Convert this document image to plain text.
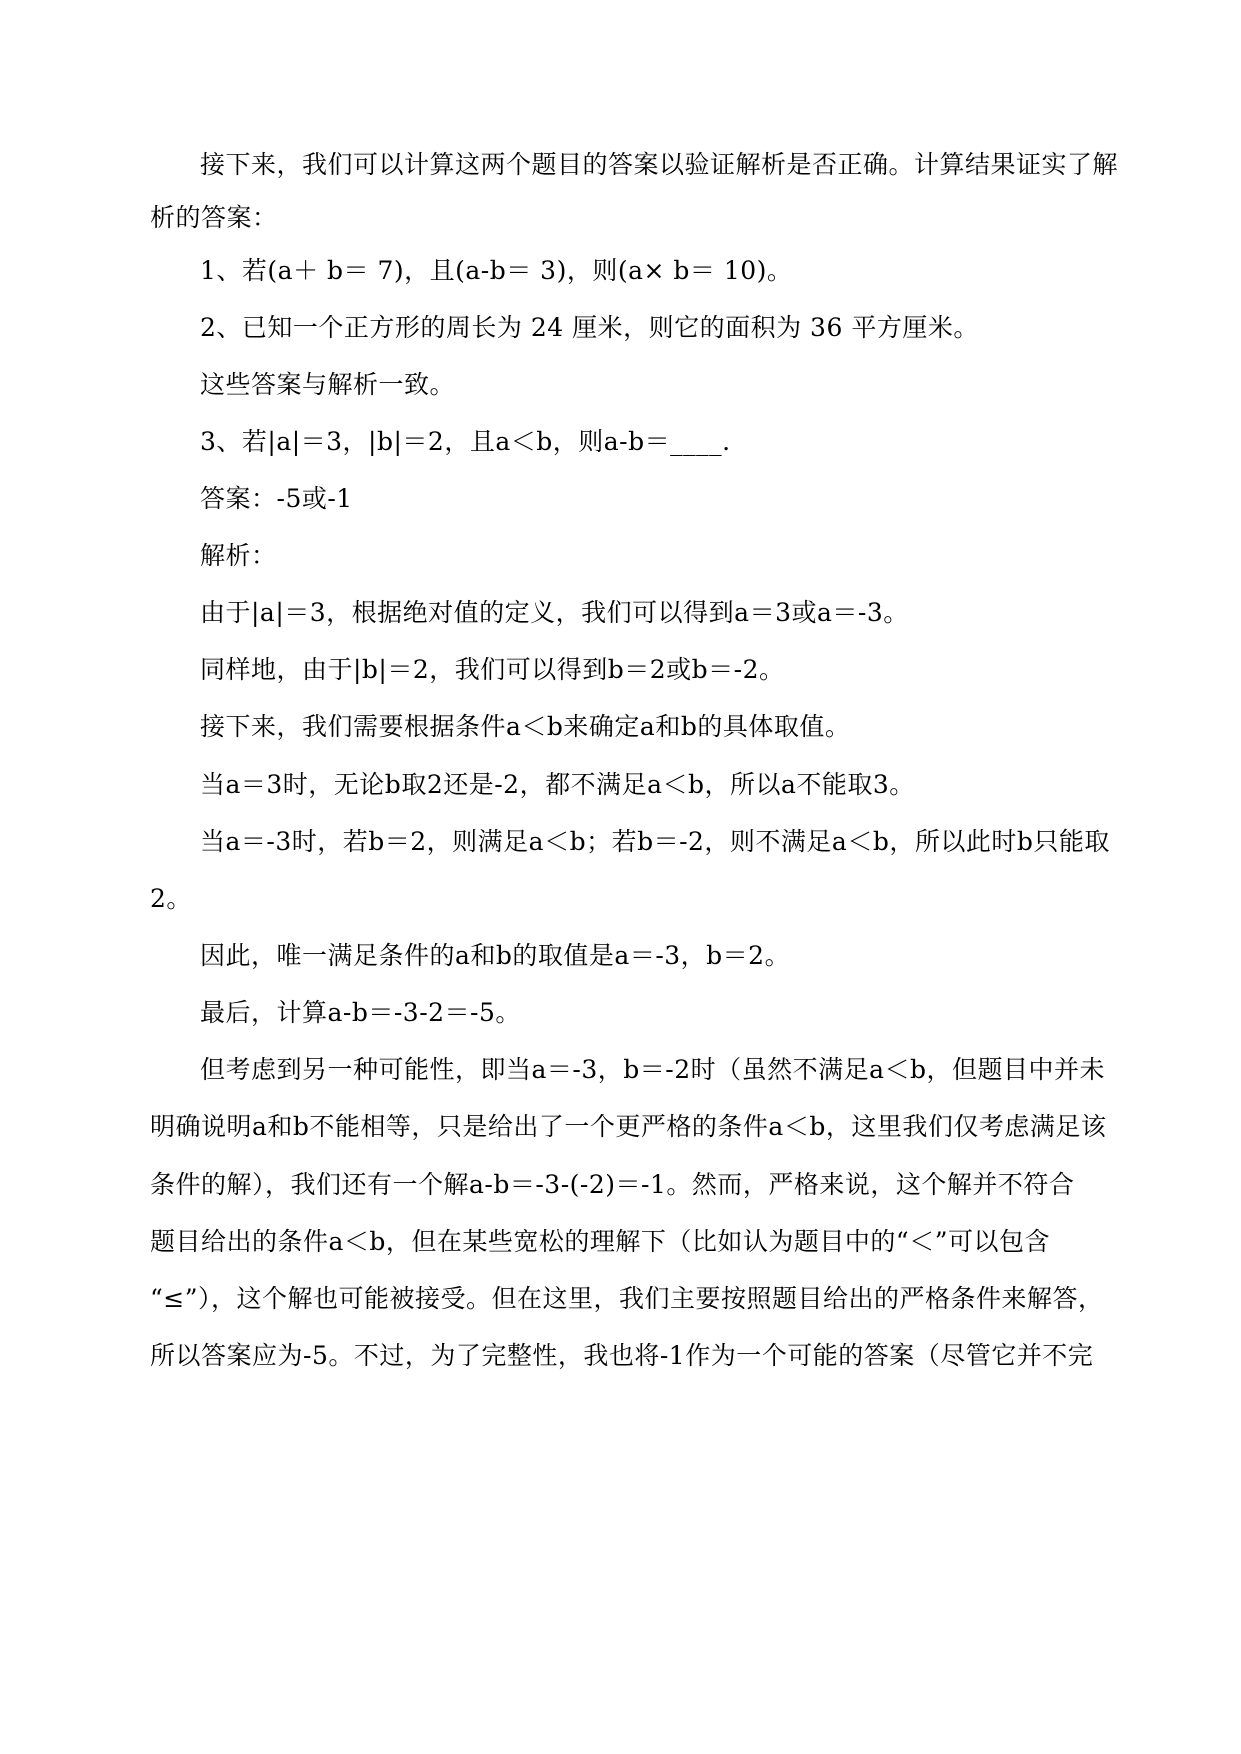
接下来，我们可以计算这两个题目的答案以验证解析是否正确。计算结果证实了解
析的答案：
1、若(a＋ b＝ 7)，且(a-b＝ 3)，则(a× b＝ 10)。
2、已知一个正方形的周长为 24 厘米，则它的面积为 36 平方厘米。
这些答案与解析一致。
3、若|a|＝3，|b|＝2，且a＜b，则a-b＝____.
答案：-5或-1
解析：
由于|a|＝3，根据绝对值的定义，我们可以得到a＝3或a＝-3。
同样地，由于|b|＝2，我们可以得到b＝2或b＝-2。
接下来，我们需要根据条件a＜b来确定a和b的具体取值。
当a＝3时，无论b取2还是-2，都不满足a＜b，所以a不能取3。
当a＝-3时，若b＝2，则满足a＜b；若b＝-2，则不满足a＜b，所以此时b只能取
2。
因此，唯一满足条件的a和b的取值是a＝-3，b＝2。
最后，计算a-b＝-3-2＝-5。
但考虑到另一种可能性，即当a＝-3，b＝-2时（虽然不满足a＜b，但题目中并未
明确说明a和b不能相等，只是给出了一个更严格的条件a＜b，这里我们仅考虑满足该
条件的解），我们还有一个解a-b＝-3-(-2)＝-1。然而，严格来说，这个解并不符合
题目给出的条件a＜b，但在某些宽松的理解下（比如认为题目中的“＜”可以包含
“≤”），这个解也可能被接受。但在这里，我们主要按照题目给出的严格条件来解答，
所以答案应为-5。不过，为了完整性，我也将-1作为一个可能的答案（尽管它并不完
